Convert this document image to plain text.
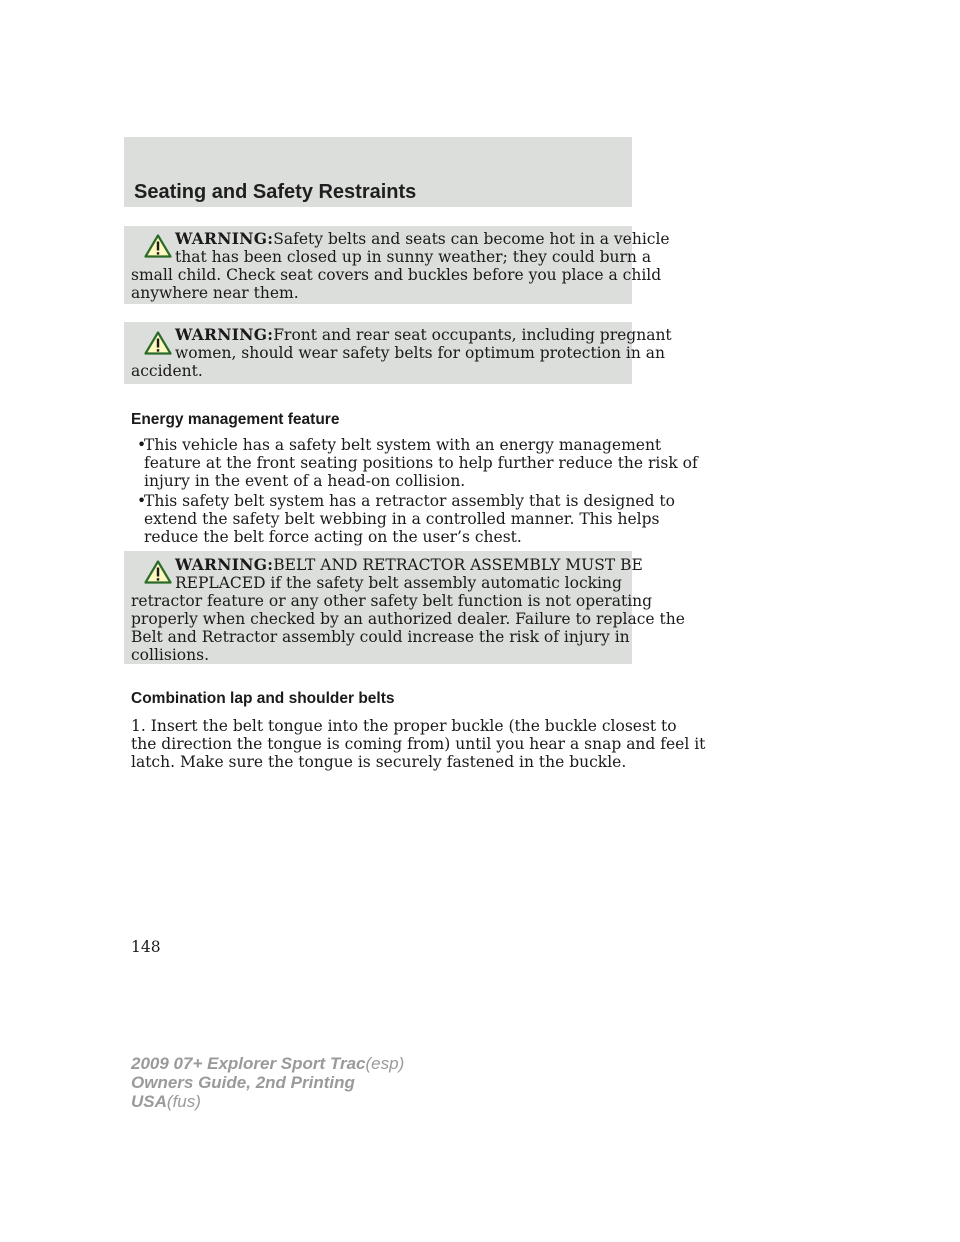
Seating and Safety Restraints
WARNING:Safety belts and seats can become hot in a vehicle
that has been closed up in sunny weather; they could burn a
small child. Check seat covers and buckles before you place a child
anywhere near them.
WARNING:Front and rear seat occupants, including pregnant
women, should wear safety belts for optimum protection in an
accident.
Energy management feature
•
This vehicle has a safety belt system with an energy management
feature at the front seating positions to help further reduce the risk of
injury in the event of a head-on collision.
•
This safety belt system has a retractor assembly that is designed to
extend the safety belt webbing in a controlled manner. This helps
reduce the belt force acting on the user’s chest.
WARNING:BELT AND RETRACTOR ASSEMBLY MUST BE
REPLACED if the safety belt assembly automatic locking
retractor feature or any other safety belt function is not operating
properly when checked by an authorized dealer. Failure to replace the
Belt and Retractor assembly could increase the risk of injury in
collisions.
Combination lap and shoulder belts
1. Insert the belt tongue into the proper buckle (the buckle closest to
the direction the tongue is coming from) until you hear a snap and feel it
latch. Make sure the tongue is securely fastened in the buckle.
148
2009 07+ Explorer Sport Trac(esp)
Owners Guide, 2nd Printing
USA(fus)
